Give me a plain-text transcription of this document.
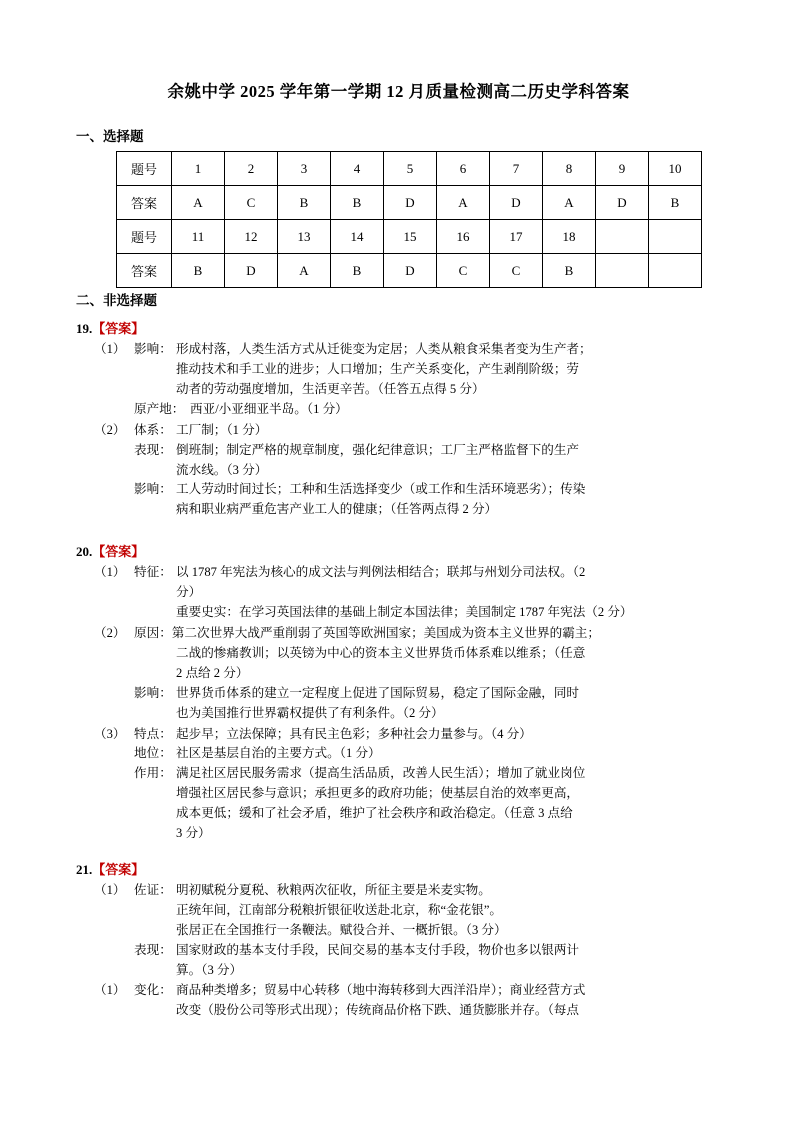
余姚中学 2025 学年第一学期 12 月质量检测高二历史学科答案
一、选择题
题号	1	2	3	4	5	6	7	8	9	10
答案	A	C	B	B	D	A	D	A	D	B
题号	11	12	13	14	15	16	17	18		
答案	B	D	A	B	D	C	C	B		
二、非选择题
19.【答案】
（1） 影响： 形成村落，人类生活方式从迁徙变为定居；人类从粮食采集者变为生产者；
推动技术和手工业的进步；人口增加；生产关系变化，产生剥削阶级；劳
动者的劳动强度增加，生活更辛苦。（任答五点得 5 分）
原产地： 西亚/小亚细亚半岛。（1 分）
（2） 体系： 工厂制；（1 分）
表现： 倒班制；制定严格的规章制度，强化纪律意识；工厂主严格监督下的生产
流水线。（3 分）
影响： 工人劳动时间过长；工种和生活选择变少（或工作和生活环境恶劣）；传染
病和职业病严重危害产业工人的健康；（任答两点得 2 分）
20.【答案】
（1） 特征： 以 1787 年宪法为核心的成文法与判例法相结合；联邦与州划分司法权。（2
分）
重要史实：在学习英国法律的基础上制定本国法律；美国制定 1787 年宪法（2 分）
（2） 原因：第二次世界大战严重削弱了英国等欧洲国家；美国成为资本主义世界的霸主；
二战的惨痛教训；以英镑为中心的资本主义世界货币体系难以维系；（任意
2 点给 2 分）
影响： 世界货币体系的建立一定程度上促进了国际贸易，稳定了国际金融，同时
也为美国推行世界霸权提供了有利条件。（2 分）
（3） 特点： 起步早；立法保障；具有民主色彩；多种社会力量参与。（4 分）
地位： 社区是基层自治的主要方式。（1 分）
作用： 满足社区居民服务需求（提高生活品质，改善人民生活）；增加了就业岗位
增强社区居民参与意识；承担更多的政府功能；使基层自治的效率更高，
成本更低；缓和了社会矛盾，维护了社会秩序和政治稳定。（任意 3 点给
3 分）
21.【答案】
（1） 佐证： 明初赋税分夏税、秋粮两次征收，所征主要是米麦实物。
正统年间，江南部分税粮折银征收送赴北京，称“金花银”。
张居正在全国推行一条鞭法。赋役合并、一概折银。（3 分）
表现： 国家财政的基本支付手段，民间交易的基本支付手段，物价也多以银两计
算。（3 分）
（1） 变化： 商品种类增多；贸易中心转移（地中海转移到大西洋沿岸）；商业经营方式
改变（股份公司等形式出现）；传统商品价格下跌、通货膨胀并存。（每点
